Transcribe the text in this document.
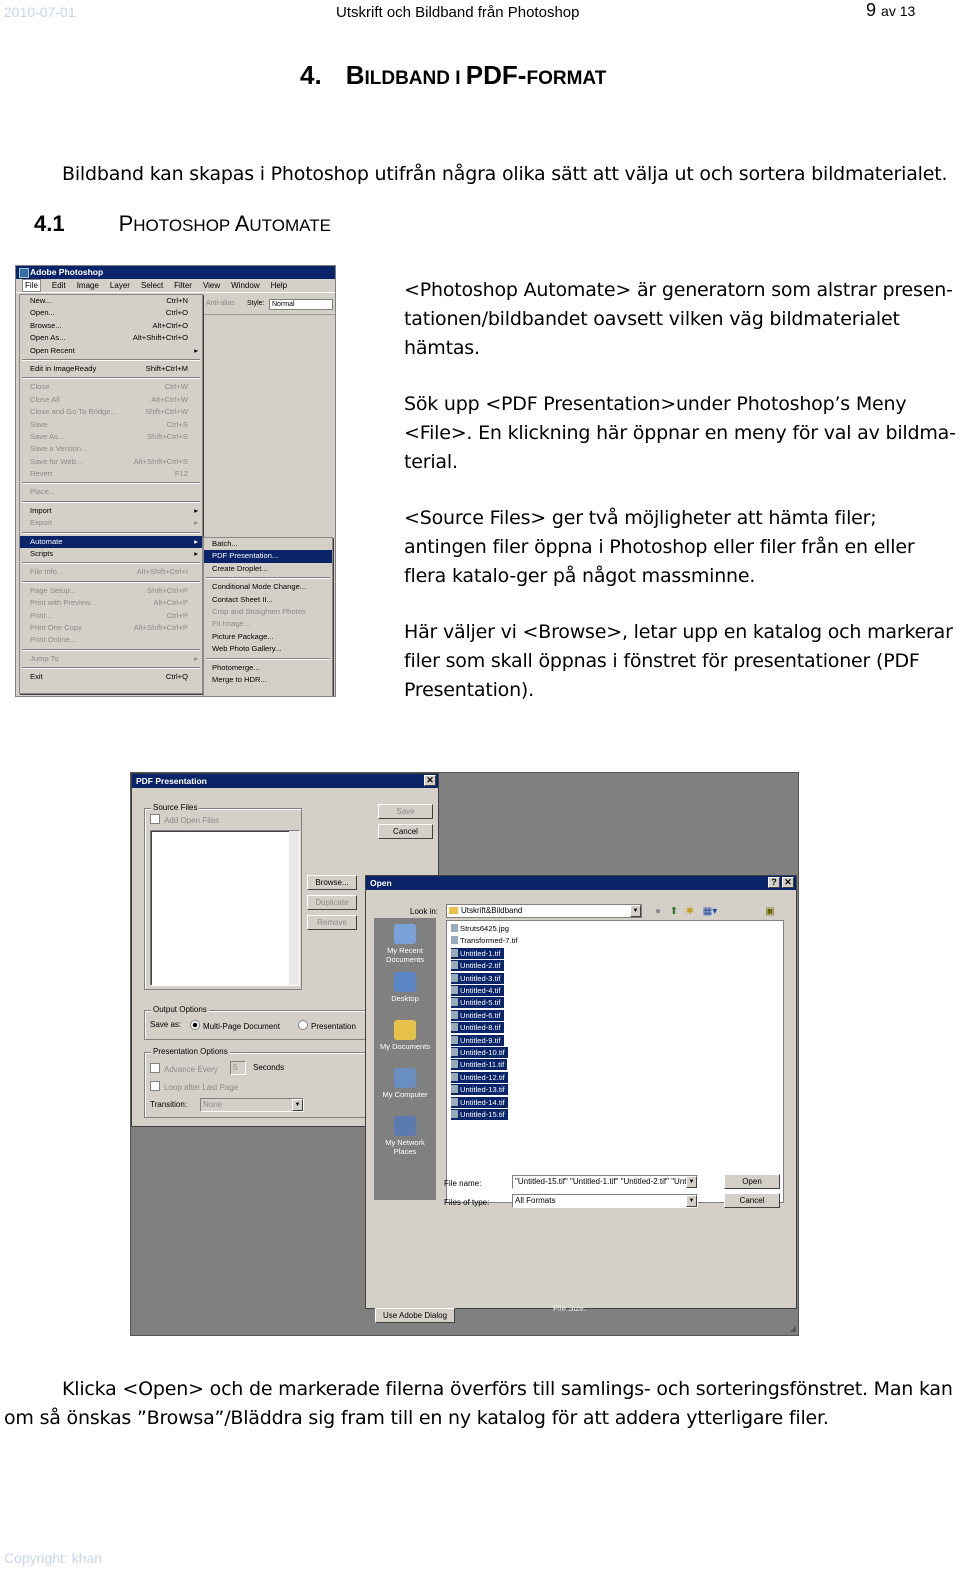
2010-07-01	Utskrift och Bildband från Photoshop	9 av 13
4. BILDBAND I PDF-FORMAT

Bildband kan skapas i Photoshop utifrån några olika sätt att välja ut och sortera bildmaterialet.

4.1 PHOTOSHOP AUTOMATE
Adobe Photoshop
File	Edit Image Layer Select Filter View Window Help
Anti-alias Style:	Normal
New...	Ctrl+N
Open...	Ctrl+O
Browse...	Alt+Ctrl+O
Open As...	Alt+Shift+Ctrl+O
Open Recent	▸
Edit in ImageReady	Shift+Ctrl+M
Close	Ctrl+W
Close All	Alt+Ctrl+W
Close and Go To Bridge...	Shift+Ctrl+W
Save	Ctrl+S
Save As...	Shift+Ctrl+S
Save a Version...
Save for Web...	Alt+Shift+Ctrl+S
Revert	F12
Place...
Import	▸
Export	▸
Automate	▸
Scripts	▸
File Info...	Alt+Shift+Ctrl+I
Page Setup...	Shift+Ctrl+P
Print with Preview...	Alt+Ctrl+P
Print...	Ctrl+P
Print One Copy	Alt+Shift+Ctrl+P
Print Online...
Jump To	▸
Exit	Ctrl+Q
Batch...
PDF Presentation...
Create Droplet...
Conditional Mode Change...
Contact Sheet II...
Crop and Straighten Photos
Fit Image...
Picture Package...
Web Photo Gallery...
Photomerge...
Merge to HDR...

<Photoshop Automate> är generatorn som alstrar presen-tationen/bildbandet oavsett vilken väg bildmaterialet hämtas.

Sök upp <PDF Presentation>under Photoshop’s Meny <File>. En klickning här öppnar en meny för val av bildma-terial.

<Source Files> ger två möjligheter att hämta filer; antingen filer öppna i Photoshop eller filer från en eller flera katalo-ger på något massminne.

Här väljer vi <Browse>, letar upp en katalog och markerar filer som skall öppnas i fönstret för presentationer (PDF Presentation).

PDF Presentation	✕
Source Files
Add Open Files
Save
Cancel
Browse...
Duplicate
Remove
Output Options
Save as:	Multi-Page Document	Presentation
Presentation Options
Advance Every	5	Seconds
Loop after Last Page
Transition:	None	▼
Open	? ✕
Look in:	Utskrift&Bildband	▼ ● ⬆ ✱ ▦▾	▣
My Recent Documents
Desktop
My Documents
My Computer
My Network Places
Struts6425.jpg
Transformed-7.tif
Untitled-1.tif
Untitled-2.tif
Untitled-3.tif
Untitled-4.tif
Untitled-5.tif
Untitled-6.tif
Untitled-8.tif
Untitled-9.tif
Untitled-10.tif
Untitled-11.tif
Untitled-12.tif
Untitled-13.tif
Untitled-14.tif
Untitled-15.tif
File name:	"Untitled-15.tif" "Untitled-1.tif" "Untitled-2.tif" "Unt ▼
Files of type:	All Formats	▼
Open
Cancel
Use Adobe Dialog
File Size:
◢

Klicka <Open> och de markerade filerna överförs till samlings- och sorteringsfönstret. Man kan om så önskas ”Browsa”/Bläddra sig fram till en ny katalog för att addera ytterligare filer.

Copyright: khan
